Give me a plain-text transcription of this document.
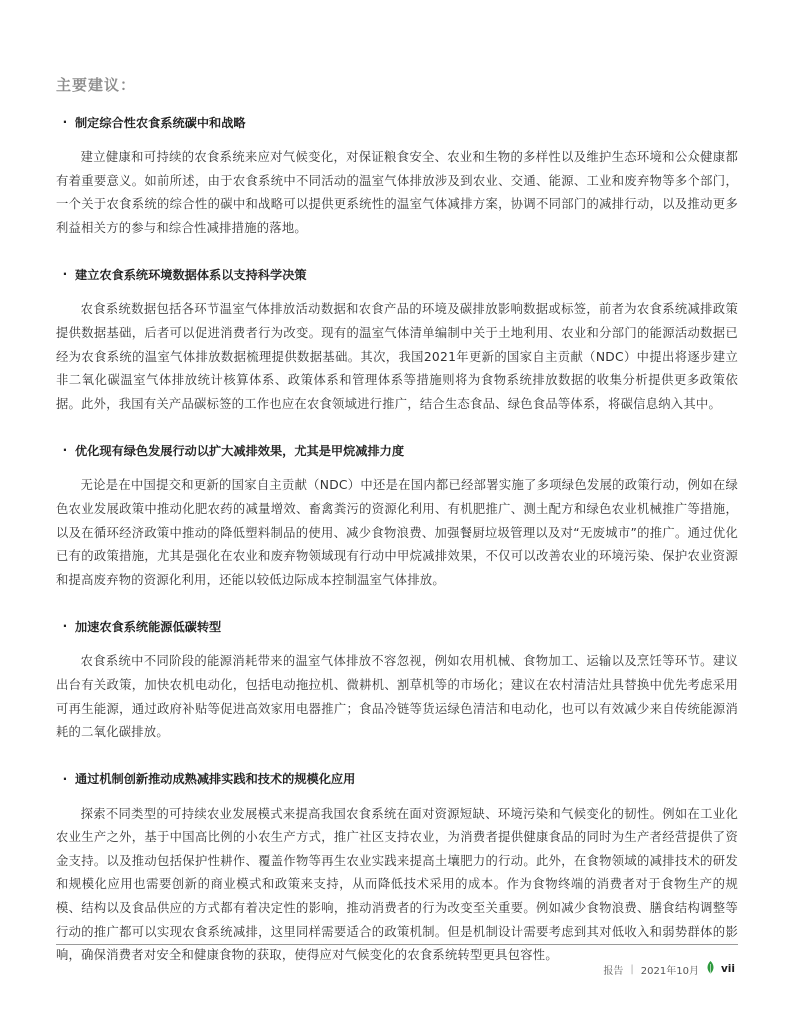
主要建议：
· 制定综合性农食系统碳中和战略

建立健康和可持续的农食系统来应对气候变化，对保证粮食安全、农业和生物的多样性以及维护生态环境和公众健康都有着重要意义。如前所述，由于农食系统中不同活动的温室气体排放涉及到农业、交通、能源、工业和废弃物等多个部门，一个关于农食系统的综合性的碳中和战略可以提供更系统性的温室气体减排方案，协调不同部门的减排行动，以及推动更多利益相关方的参与和综合性减排措施的落地。

· 建立农食系统环境数据体系以支持科学决策

农食系统数据包括各环节温室气体排放活动数据和农食产品的环境及碳排放影响数据或标签，前者为农食系统减排政策提供数据基础，后者可以促进消费者行为改变。现有的温室气体清单编制中关于土地利用、农业和分部门的能源活动数据已经为农食系统的温室气体排放数据梳理提供数据基础。其次，我国2021年更新的国家自主贡献（NDC）中提出将逐步建立非二氧化碳温室气体排放统计核算体系、政策体系和管理体系等措施则将为食物系统排放数据的收集分析提供更多政策依据。此外，我国有关产品碳标签的工作也应在农食领域进行推广，结合生态食品、绿色食品等体系，将碳信息纳入其中。

· 优化现有绿色发展行动以扩大减排效果，尤其是甲烷减排力度

无论是在中国提交和更新的国家自主贡献（NDC）中还是在国内都已经部署实施了多项绿色发展的政策行动，例如在绿色农业发展政策中推动化肥农药的减量增效、畜禽粪污的资源化利用、有机肥推广、测土配方和绿色农业机械推广等措施，以及在循环经济政策中推动的降低塑料制品的使用、减少食物浪费、加强餐厨垃圾管理以及对“无废城市”的推广。通过优化已有的政策措施，尤其是强化在农业和废弃物领域现有行动中甲烷减排效果，不仅可以改善农业的环境污染、保护农业资源和提高废弃物的资源化利用，还能以较低边际成本控制温室气体排放。

· 加速农食系统能源低碳转型

农食系统中不同阶段的能源消耗带来的温室气体排放不容忽视，例如农用机械、食物加工、运输以及烹饪等环节。建议出台有关政策，加快农机电动化，包括电动拖拉机、微耕机、割草机等的市场化；建议在农村清洁灶具替换中优先考虑采用可再生能源，通过政府补贴等促进高效家用电器推广；食品冷链等货运绿色清洁和电动化，也可以有效减少来自传统能源消耗的二氧化碳排放。

· 通过机制创新推动成熟减排实践和技术的规模化应用

探索不同类型的可持续农业发展模式来提高我国农食系统在面对资源短缺、环境污染和气候变化的韧性。例如在工业化农业生产之外，基于中国高比例的小农生产方式，推广社区支持农业，为消费者提供健康食品的同时为生产者经营提供了资金支持。以及推动包括保护性耕作、覆盖作物等再生农业实践来提高土壤肥力的行动。此外，在食物领域的减排技术的研发和规模化应用也需要创新的商业模式和政策来支持，从而降低技术采用的成本。作为食物终端的消费者对于食物生产的规模、结构以及食品供应的方式都有着决定性的影响，推动消费者的行为改变至关重要。例如减少食物浪费、膳食结构调整等行动的推广都可以实现农食系统减排，这里同样需要适合的政策机制。但是机制设计需要考虑到其对低收入和弱势群体的影响，确保消费者对安全和健康食物的获取，使得应对气候变化的农食系统转型更具包容性。

报告 | 2021年10月 vii
